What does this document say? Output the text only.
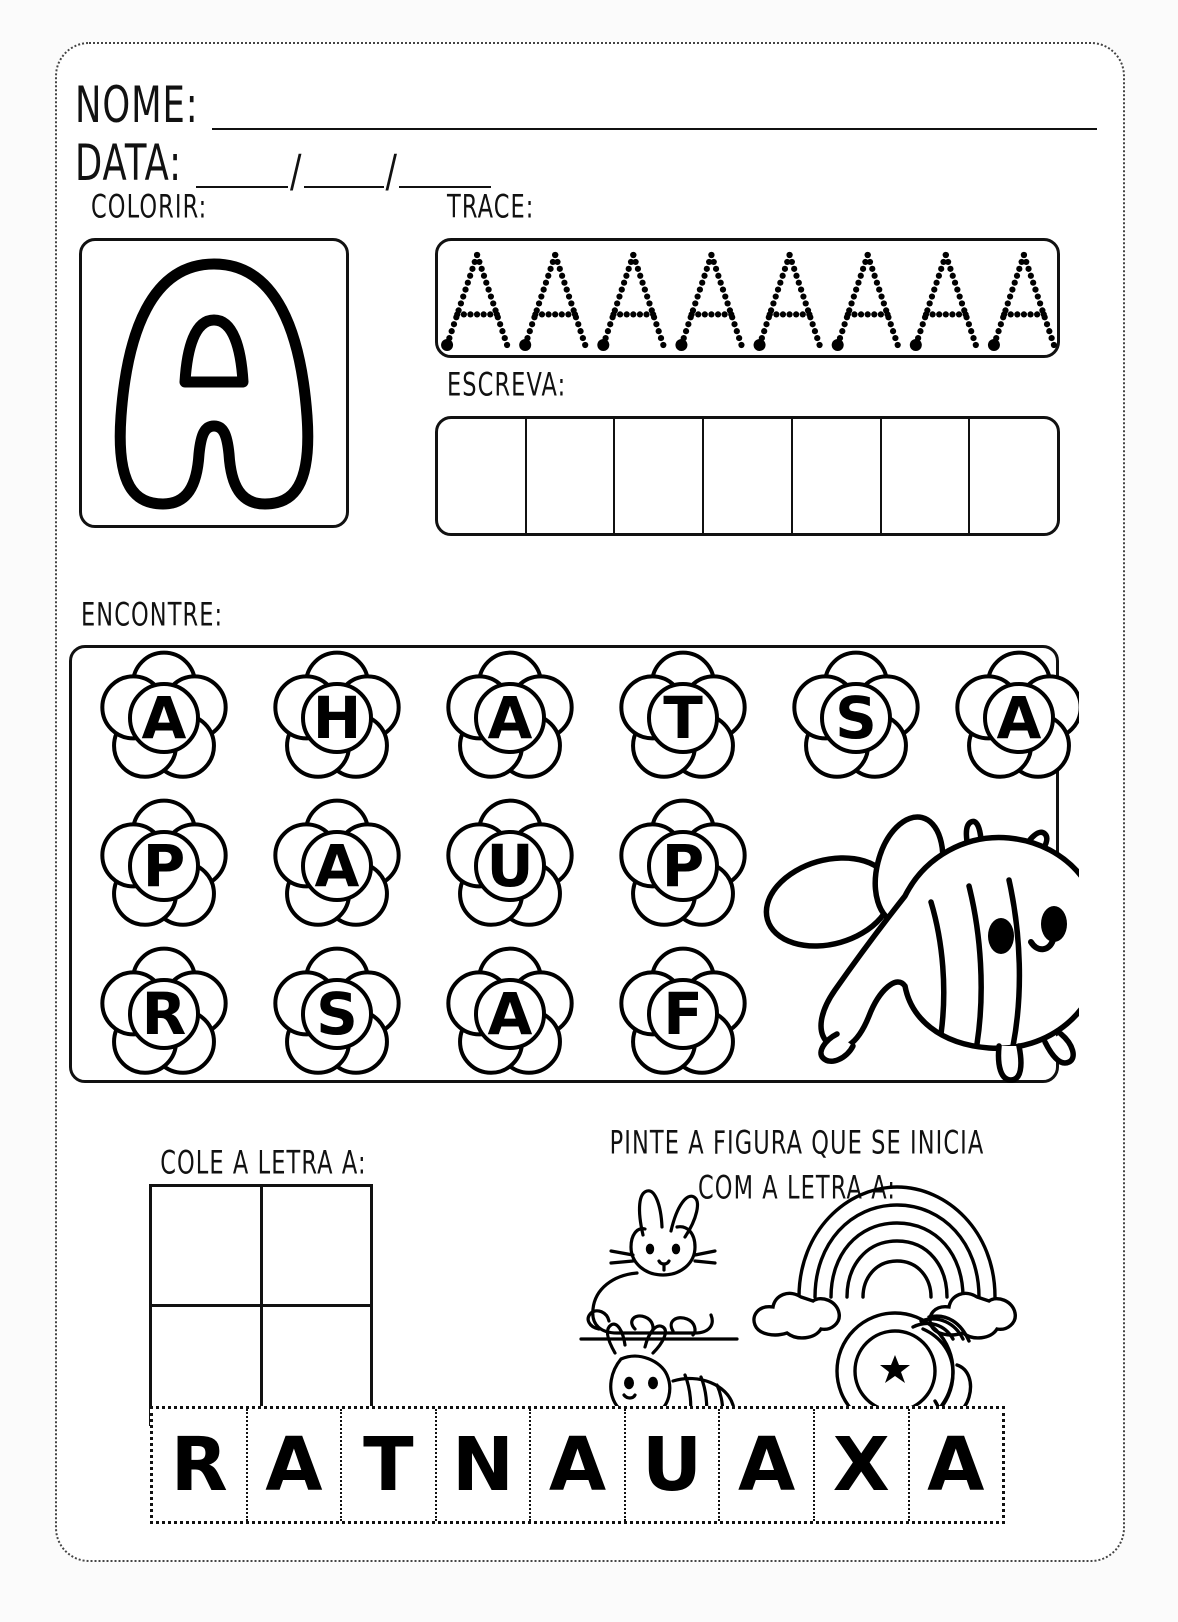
NOME:
DATA:	/ /
COLORIR:	TRACE:
ESCREVA:
ENCONTRE:
A H A T S A
P A U P
R S A F
COLE A LETRA A:
PINTE A FIGURA QUE SE INICIA
COM A LETRA A:
R A T N A U A X A
